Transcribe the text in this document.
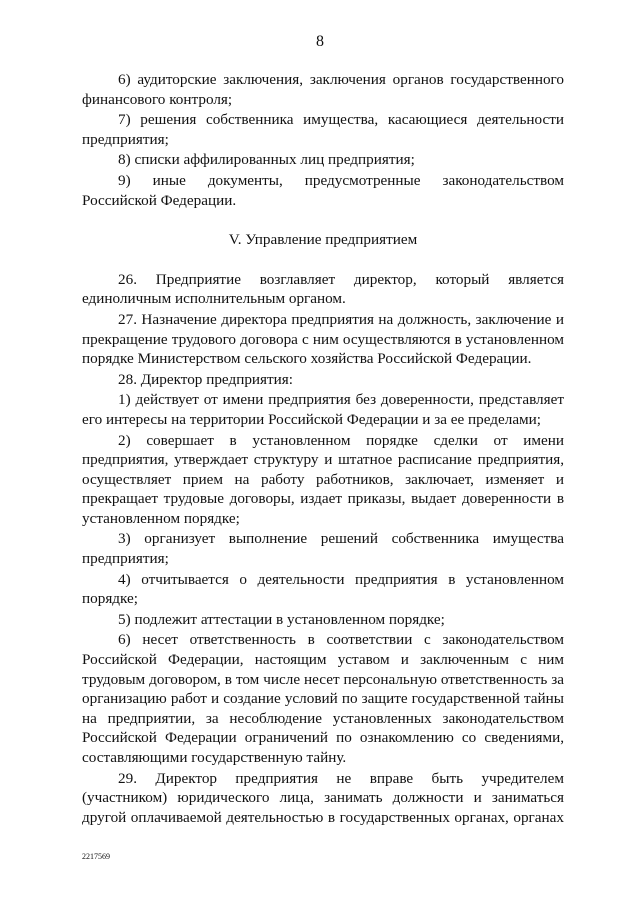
8

6) аудиторские заключения, заключения органов государственного финансового контроля;

7) решения собственника имущества, касающиеся деятельности предприятия;

8) списки аффилированных лиц предприятия;

9) иные документы, предусмотренные законодательством Российской Федерации.

V. Управление предприятием

26. Предприятие возглавляет директор, который является единоличным исполнительным органом.

27. Назначение директора предприятия на должность, заключение и прекращение трудового договора с ним осуществляются в установленном порядке Министерством сельского хозяйства Российской Федерации.

28. Директор предприятия:

1) действует от имени предприятия без доверенности, представляет его интересы на территории Российской Федерации и за ее пределами;

2) совершает в установленном порядке сделки от имени предприятия, утверждает структуру и штатное расписание предприятия, осуществляет прием на работу работников, заключает, изменяет и прекращает трудовые договоры, издает приказы, выдает доверенности в установленном порядке;

3) организует выполнение решений собственника имущества предприятия;

4) отчитывается о деятельности предприятия в установленном порядке;

5) подлежит аттестации в установленном порядке;

6) несет ответственность в соответствии с законодательством Российской Федерации, настоящим уставом и заключенным с ним трудовым договором, в том числе несет персональную ответственность за организацию работ и создание условий по защите государственной тайны на предприятии, за несоблюдение установленных законодательством Российской Федерации ограничений по ознакомлению со сведениями, составляющими государственную тайну.

29. Директор предприятия не вправе быть учредителем (участником) юридического лица, занимать должности и заниматься другой оплачиваемой деятельностью в государственных органах, органах

2217569
